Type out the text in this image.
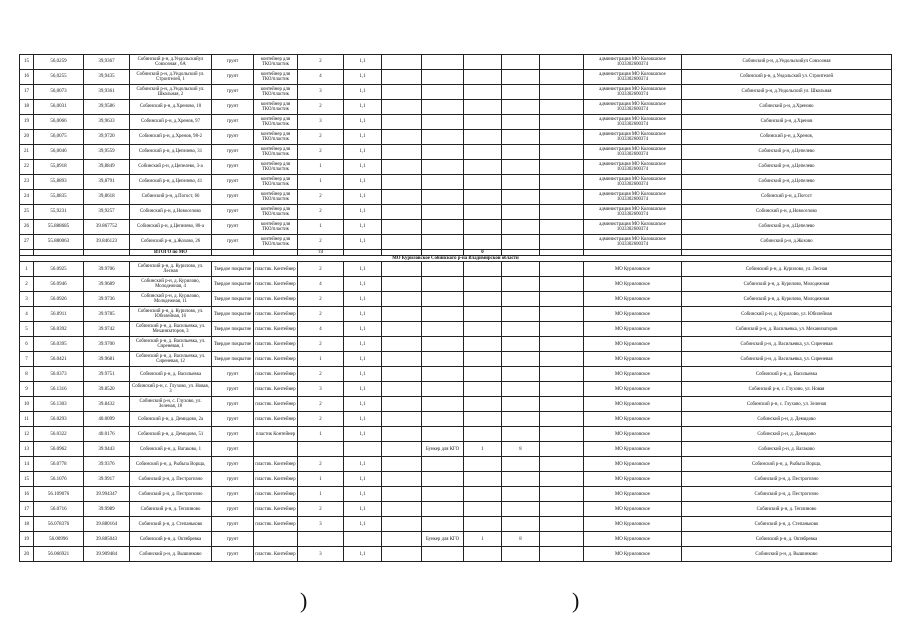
15	56,0259	39,9367	Собинский р-н, д.Ундольскийул Совхозная , 6А	грунт	контейнер для ТКО/пластик	2	1,1						администрация МО Колокшское 1033302600374	Собинский р-н, д.Ундольскийул Совхозная
16	56,0255	39,9435	Собинский р-н, д.Ундольский ул. Строителей, 1	грунт	контейнер для ТКО/пластик	4	1,1						администрация МО Колокшское 1033302600374	Собинский р-н, д.Ундольский ул. Строителей
17	56,0073	39,9361	Собинский р-н, д.Ундольский ул. Школьная, 2	грунт	контейнер для ТКО/пластик	3	1,1						администрация МО Колокшское 1033302600374	Собинский р-н, д.Ундольский ул. Школьная
18	56,0031	39,9586	Собинский р-н, д.Хреново, 10	грунт	контейнер для ТКО/пластик	2	1,1						администрация МО Колокшское 1033302600374	Собинский р-н, д.Хреново
19	56,0066	39,9633	Собинский р-н, д.Хренов, 97	грунт	контейнер для ТКО/пластик	3	1,1						администрация МО Колокшское 1033302600374	Собинский р-н, д.Хренов
20	56,0075	39,9720	Собинский р-н, д.Хренов, 98-2	грунт	контейнер для ТКО/пластик	2	1,1						администрация МО Колокшское 1033302600374	Собинский р-н, д.Хренов,
21	56,0046	39,9559	Собинский р-н, д.Цепелево, 31	грунт	контейнер для ТКО/пластик	2	1,1						администрация МО Колокшское 1033302600374	Собинский р-н, д.Цепелево
22	55,8918	39,8849	Собинский р-н, д.Цепелево, 3-а	грунт	контейнер для ТКО/пластик	1	1,1						администрация МО Колокшское 1033302600374	Собинский р-н, д.Цепелево
23	55,8893	39,8791	Собинский р-н, д.Цепелево, 41	грунт	контейнер для ТКО/пластик	1	1,1						администрация МО Колокшское 1033302600374	Собинский р-н, д.Цепелево
24	55,8835	39,8618	Собинский р-н, д.Погост, 66	грунт	контейнер для ТКО/пластик	2	1,1						администрация МО Колокшское 1033302600374	Собинский р-н, д.Погост
25	55,9231	39,9257	Собинский р-н, д.Новоселово	грунт	контейнер для ТКО/пластик	2	1,1						администрация МО Колокшское 1033302600374	Собинский р-н, д.Новоселово
26	55.888685	39.867752	Собинский р-н, д.Цепелево, 80-а	грунт	контейнер для ТКО/пластик	1	1,1						администрация МО Колокшское 1033302600374	Собинский р-н, д.Цепелево
27	55.880063	39.846123	Собинский р-н, д.Жохово, 26	грунт	контейнер для ТКО/пластик	2	1,1						администрация МО Колокшское 1033302600374	Собинский р-н, д.Жохово
			ИТОГО по МО			73				0				
МО Куриловское Собинского р-на Владимирской области														
1	56.0925	39.9706	Собинский р-н, д. Курилово, ул. Лесная	Твердое покрытие	пластик. Контейнер	2	1,1						МО Куриловское	Собинский р-н, д. Курилово, ул. Лесная
2	56.0946	39.9689	Собинский р-н, д. Курилово, Молодежная, 4	Твердое покрытие	пластик. Контейнер	4	1,1						МО Куриловское	Собинский р-н, д. Курилово, Молодежная
3	56.0926	39.9736	Собинский р-н, д. Курилово, Молодежная, 11	Твердое покрытие	пластик. Контейнер	2	1,1						МО Куриловское	Собинский р-н, д. Курилово, Молодежная
4	56.0911	39.9785	Собинский р-н, д. Курилово, ул. Юбилейная, 16	Твердое покрытие	пластик. Контейнер	2	1,1						МО Куриловское	Собинский р-н, д. Курилово, ул. Юбилейная
5	56.0392	39.9742	Собинский р-н, д. Васильевка, ул. Механизаторов, 3	Твердое покрытие	пластик. Контейнер	4	1,1						МО Куриловское	Собинский р-н, д. Васильевка, ул. Механизаторов
6	56.0395	39.9700	Собинский р-н, д. Васильевка, ул. Сиреневая, 1	Твердое покрытие	пластик. Контейнер	2	1,1						МО Куриловское	Собинский р-н, д. Васильевка, ул. Сиреневая
7	56.0421	39.9681	Собинский р-н, д. Васильевка, ул. Сиреневая, 12	Твердое покрытие	пластик. Контейнер	1	1,1						МО Куриловское	Собинский р-н, д. Васильевка, ул. Сиреневая
8	56.0373	39.9751	Собинский р-н, д. Васильевка	грунт	пластик. Контейнер	2	1,1						МО Куриловское	Собинский р-н, д. Васильевка
9	56.1316	39.8520	Собинский р-н, с. Глухово, ул. Новая, 3	грунт	пластик. Контейнер	3	1,1						МО Куриловское	Собинский р-н, с. Глухово, ул. Новая
10	56.1303	39.8432	Собинский р-н, с. Глухово, ул. Зеленая, 18	грунт	пластик. Контейнер	2	1,1						МО Куриловское	Собинский р-н, с. Глухово, ул. Зеленая
11	56.0293	40.0099	Собинский р-н, д. Демидово, 2а	грунт	пластик. Контейнер	2	1,1						МО Куриловское	Собинский р-н, д. Демидово
12	56.0322	40.0176	Собинский р-н, д. Демидово, 51	грунт	пластик Контейнер	1	1,1						МО Куриловское	Собинский р-н, д. Демидово
13	56.0962	39.9443	Собинский р-н, д. Вагаково, 1	грунт					Бункер для КГО	1	8		МО Куриловское	Собинский р-н, д. Вагаково
14	56.0778	39.9376	Собинский р-н, д. Рыбьпа Ворща,	грунт	пластик. Контейнер	2	1,1						МО Куриловское	Собинский р-н, д. Рыбьпа Ворща,
15	56.1076	39.9917	Собинский р-н, д. Пестрогизно	грунт	пластик. Контейнер	1	1,1						МО Куриловское	Собинский р-н, д. Пестрогизно
16	56.109076	39.994347	Собинский р-н, д. Пестрогизно	грунт	пластик. Контейнер	1	1,1						МО Куриловское	Собинский р-н, д. Пестрогизно
17	56.0716	39.9989	Собинский р-н, д. Теплиново	грунт	пластик. Контейнер	2	1,1						МО Куриловское	Собинский р-н, д. Теплиново
18	56.078376	39.880164	Собинский р-н, д. Степаньково	грунт	пластик. Контейнер	3	1,1						МО Куриловское	Собинский р-н, д. Степаньково
19	56.00996	39.885043	Собинский р-н, д. Октябревка	грунт					Бункер для КГО	1	8		МО Куриловское	Собинский р-н, д. Октябревка
20	56.066921	39.909484	Собинский р-н, д. Вышинково	грунт	пластик. Контейнер	3	1,1						МО Куриловское	Собинский р-н, д. Вышинково
)	)
